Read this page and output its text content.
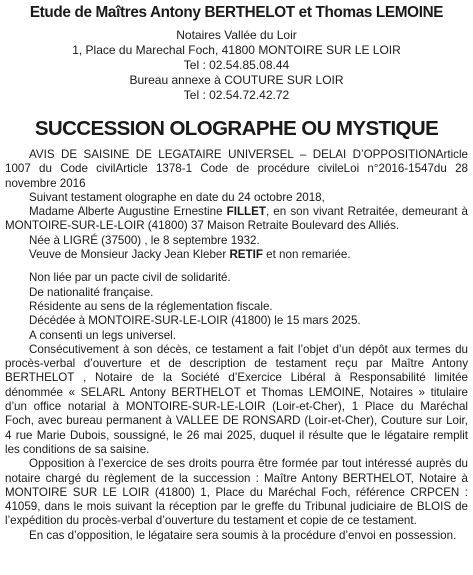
Etude de Maîtres Antony BERTHELOT et Thomas LEMOINE
Notaires Vallée du Loir
1, Place du Marechal Foch, 41800 MONTOIRE SUR LE LOIR
Tel : 02.54.85.08.44
Bureau annexe à COUTURE SUR LOIR
Tel : 02.54.72.42.72
SUCCESSION OLOGRAPHE OU MYSTIQUE

AVIS DE SAISINE DE LEGATAIRE UNIVERSEL – DELAI D’OPPOSITIONArticle 1007 du Code civilArticle 1378-1 Code de procédure civileLoi n°2016-1547du 28 novembre 2016

Suivant testament olographe en date du 24 octobre 2018,

Madame Alberte Augustine Ernestine FILLET, en son vivant Retraitée, demeurant à MONTOIRE-SUR-LE-LOIR (41800) 37 Maison Retraite Boulevard des Alliés.

Née à LIGRÉ (37500) , le 8 septembre 1932.

Veuve de Monsieur Jacky Jean Kleber RETIF et non remariée.

Non liée par un pacte civil de solidarité.

De nationalité française.

Résidente au sens de la réglementation fiscale.

Décédée à MONTOIRE-SUR-LE-LOIR (41800) le 15 mars 2025.

A consenti un legs universel.

Consécutivement à son décès, ce testament a fait l’objet d’un dépôt aux termes du procès-verbal d’ouverture et de description de testament reçu par Maître Antony BERTHELOT , Notaire de la Société d’Exercice Libéral à Responsabilité limitée dénommée « SELARL Antony BERTHELOT et Thomas LEMOINE, Notaires » titulaire d’un office notarial à MONTOIRE-SUR-LE-LOIR (Loir-et-Cher), 1 Place du Maréchal Foch, avec bureau permanent à VALLEE DE RONSARD (Loir-et-Cher), Couture sur Loir, 4 rue Marie Dubois, soussigné, le 26 mai 2025, duquel il résulte que le légataire remplit les conditions de sa saisine.

Opposition à l’exercice de ses droits pourra être formée par tout intéressé auprès du notaire chargé du règlement de la succession : Maître Antony BERTHELOT, Notaire à MONTOIRE SUR LE LOIR (41800) 1, Place du Maréchal Foch, référence CRPCEN : 41059, dans le mois suivant la réception par le greffe du Tribunal judiciaire de BLOIS de l’expédition du procès-verbal d’ouverture du testament et copie de ce testament.

En cas d’opposition, le légataire sera soumis à la procédure d’envoi en possession.
